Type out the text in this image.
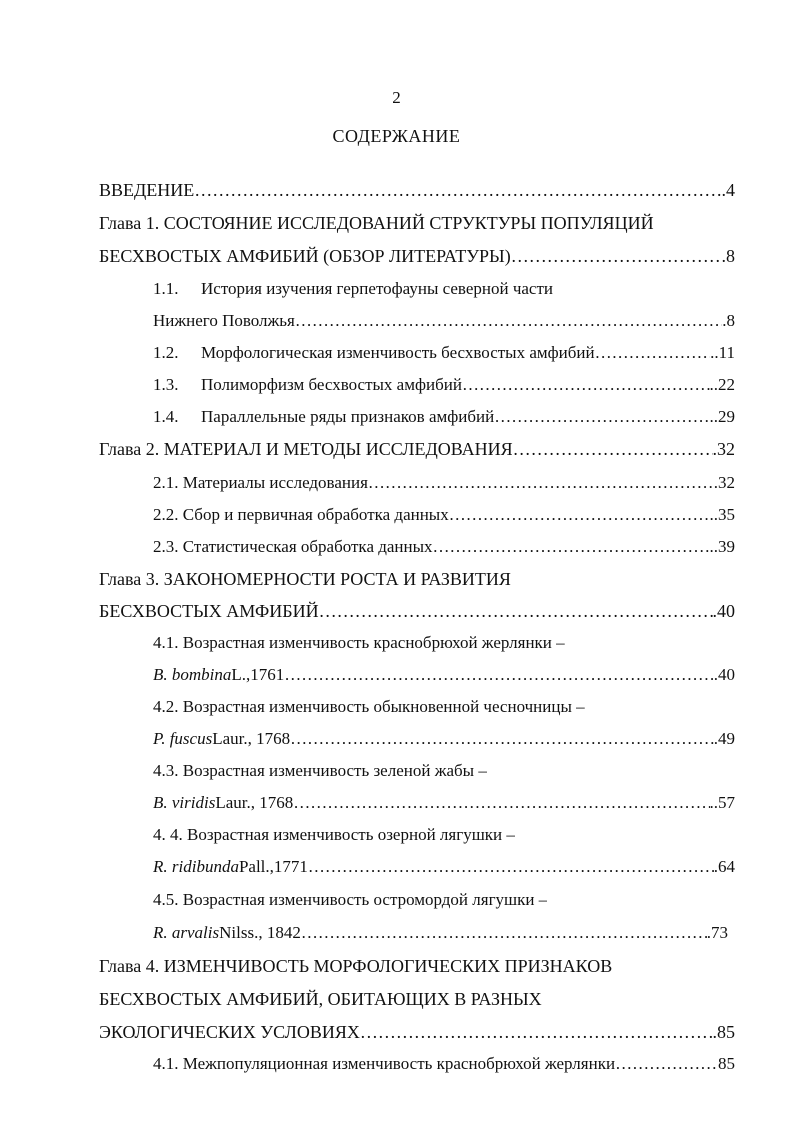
2
СОДЕРЖАНИЕ
ВВЕДЕНИЕ …………………………………………………………………………………………………………………………………………………………………………………	.4
Глава 1. СОСТОЯНИЕ ИССЛЕДОВАНИЙ СТРУКТУРЫ ПОПУЛЯЦИЙ
БЕСХВОСТЫХ АМФИБИЙ (ОБЗОР ЛИТЕРАТУРЫ) …………………………………………………………………………………………………………………………………………………………………………………	.8
1.1. История изучения герпетофауны северной части
Нижнего Поволжья …………………………………………………………………………………………………………………………………………………………………………………	.8
1.2.	Морфологическая изменчивость бесхвостых амфибий …………………………………………………………………………………………………………………………………………………………………………………	..11
1.3.	Полиморфизм бесхвостых амфибий …………………………………………………………………………………………………………………………………………………………………………………	..22
1.4.	Параллельные ряды признаков амфибий …………………………………………………………………………………………………………………………………………………………………………………	..29
Глава 2. МАТЕРИАЛ И МЕТОДЫ ИССЛЕДОВАНИЯ …………………………………………………………………………………………………………………………………………………………………………………	.32
2.1. Материалы исследования …………………………………………………………………………………………………………………………………………………………………………………	.32
2.2. Сбор и первичная обработка данных …………………………………………………………………………………………………………………………………………………………………………………	..35
2.3. Статистическая обработка данных …………………………………………………………………………………………………………………………………………………………………………………	..39
Глава 3. ЗАКОНОМЕРНОСТИ РОСТА И РАЗВИТИЯ
БЕСХВОСТЫХ АМФИБИЙ …………………………………………………………………………………………………………………………………………………………………………………	.40
4.1. Возрастная изменчивость краснобрюхой жерлянки –
B. bombina L.,1761 …………………………………………………………………………………………………………………………………………………………………………………	.40
4.2. Возрастная изменчивость обыкновенной чесночницы –
P. fuscus Laur., 1768 …………………………………………………………………………………………………………………………………………………………………………………	.49
4.3. Возрастная изменчивость зеленой жабы –
B. viridis Laur., 1768 …………………………………………………………………………………………………………………………………………………………………………………	..57
4. 4. Возрастная изменчивость озерной лягушки –
R. ridibunda Pall.,1771 …………………………………………………………………………………………………………………………………………………………………………………	.64
4.5. Возрастная изменчивость остромордой лягушки –
R. arvalis Nilss., 1842 …………………………………………………………………………………………………………………………………………………………………………………	.73
Глава 4. ИЗМЕНЧИВОСТЬ МОРФОЛОГИЧЕСКИХ ПРИЗНАКОВ
БЕСХВОСТЫХ АМФИБИЙ, ОБИТАЮЩИХ В РАЗНЫХ
ЭКОЛОГИЧЕСКИХ УСЛОВИЯХ …………………………………………………………………………………………………………………………………………………………………………………	.85
4.1. Межпопуляционная изменчивость краснобрюхой жерлянки …………………………………………………………………………………………………………………………………………………………………………………	85
